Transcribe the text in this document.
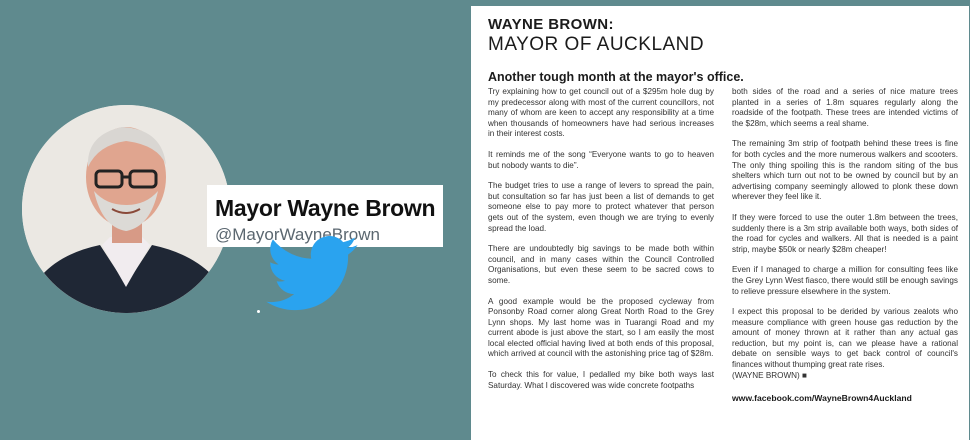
Mayor Wayne Brown
@MayorWayneBrown
WAYNE BROWN:
MAYOR OF AUCKLAND
Another tough month at the mayor's office.

Try explaining how to get council out of a $295m hole dug by my predecessor along with most of the current councillors, not many of whom are keen to accept any responsibility at a time when thousands of homeowners have had serious increases in their interest costs.

It reminds me of the song “Everyone wants to go to heaven but nobody wants to die”.

The budget tries to use a range of levers to spread the pain, but consultation so far has just been a list of demands to get someone else to pay more to protect whatever that person gets out of the system, even though we are trying to evenly spread the load.

There are undoubtedly big savings to be made both within council, and in many cases within the Council Controlled Organisations, but even these seem to be sacred cows to some.

A good example would be the proposed cycleway from Ponsonby Road corner along Great North Road to the Grey Lynn shops. My last home was in Tuarangi Road and my current abode is just above the start, so I am easily the most local elected official having lived at both ends of this proposal, which arrived at council with the astonishing price tag of $28m.

To check this for value, I pedalled my bike both ways last Saturday. What I discovered was wide concrete footpaths

both sides of the road and a series of nice mature trees planted in a series of 1.8m squares regularly along the roadside of the footpath. These trees are intended victims of the $28m, which seems a real shame.

The remaining 3m strip of footpath behind these trees is fine for both cycles and the more numerous walkers and scooters. The only thing spoiling this is the random siting of the bus shelters which turn out not to be owned by council but by an advertising company seemingly allowed to plonk these down wherever they feel like it.

If they were forced to use the outer 1.8m between the trees, suddenly there is a 3m strip available both ways, both sides of the road for cycles and walkers. All that is needed is a paint strip, maybe $50k or nearly $28m cheaper!

Even if I managed to charge a million for consulting fees like the Grey Lynn West fiasco, there would still be enough savings to relieve pressure elsewhere in the system.

I expect this proposal to be derided by various zealots who measure compliance with green house gas reduction by the amount of money thrown at it rather than any actual gas reduction, but my point is, can we please have a rational debate on sensible ways to get back control of council's finances without thumping great rate rises.

(WAYNE BROWN) ■

www.facebook.com/WayneBrown4Auckland
